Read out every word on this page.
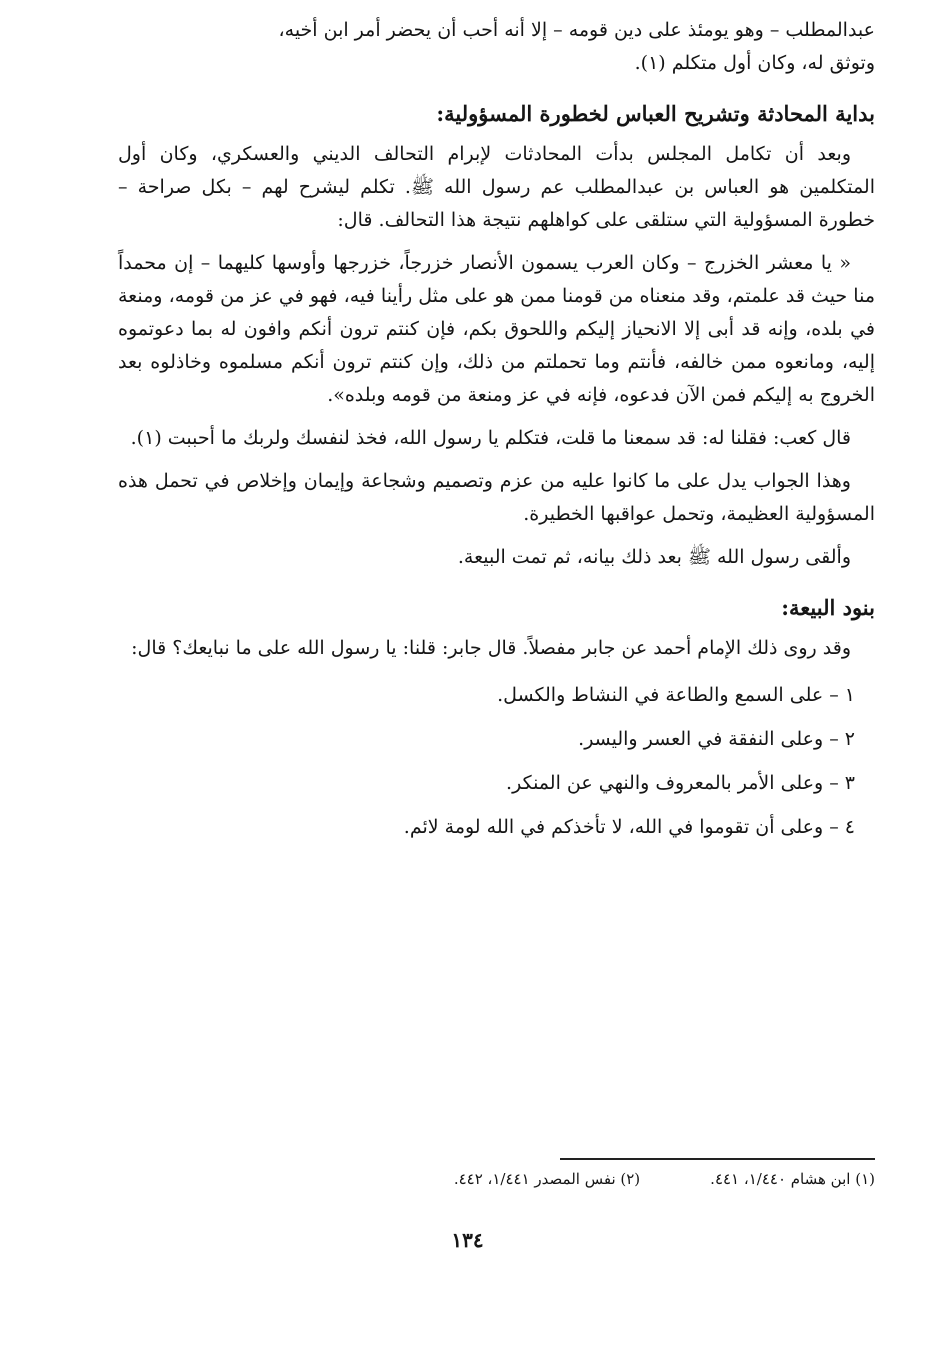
عبدالمطلب – وهو يومئذ على دين قومه – إلا أنه أحب أن يحضر أمر ابن أخيه،

وتوثق له، وكان أول متكلم (١).

بداية المحادثة وتشريح العباس لخطورة المسؤولية:

وبعد أن تكامل المجلس بدأت المحادثات لإبرام التحالف الديني والعسكري، وكان أول المتكلمين هو العباس بن عبدالمطلب عم رسول الله ﷺ. تكلم ليشرح لهم – بكل صراحة – خطورة المسؤولية التي ستلقى على كواهلهم نتيجة هذا التحالف. قال:

« يا معشر الخزرج – وكان العرب يسمون الأنصار خزرجاً، خزرجها وأوسها كليهما – إن محمداً منا حيث قد علمتم، وقد منعناه من قومنا ممن هو على مثل رأينا فيه، فهو في عز من قومه، ومنعة في بلده، وإنه قد أبى إلا الانحياز إليكم واللحوق بكم، فإن كنتم ترون أنكم وافون له بما دعوتموه إليه، ومانعوه ممن خالفه، فأنتم وما تحملتم من ذلك، وإن كنتم ترون أنكم مسلموه وخاذلوه بعد الخروج به إليكم فمن الآن فدعوه، فإنه في عز ومنعة من قومه وبلده».

قال كعب: فقلنا له: قد سمعنا ما قلت، فتكلم يا رسول الله، فخذ لنفسك ولربك ما أحببت (١).

وهذا الجواب يدل على ما كانوا عليه من عزم وتصميم وشجاعة وإيمان وإخلاص في تحمل هذه المسؤولية العظيمة، وتحمل عواقبها الخطيرة.

وألقى رسول الله ﷺ بعد ذلك بيانه، ثم تمت البيعة.

بنود البيعة:

وقد روى ذلك الإمام أحمد عن جابر مفصلاً. قال جابر: قلنا: يا رسول الله على ما نبايعك؟ قال:

١ – على السمع والطاعة في النشاط والكسل.
٢ – وعلى النفقة في العسر واليسر.
٣ – وعلى الأمر بالمعروف والنهي عن المنكر.
٤ – وعلى أن تقوموا في الله، لا تأخذكم في الله لومة لائم.
(١) ابن هشام ١/٤٤٠، ٤٤١.
(٢) نفس المصدر ١/٤٤١، ٤٤٢.
١٣٤
